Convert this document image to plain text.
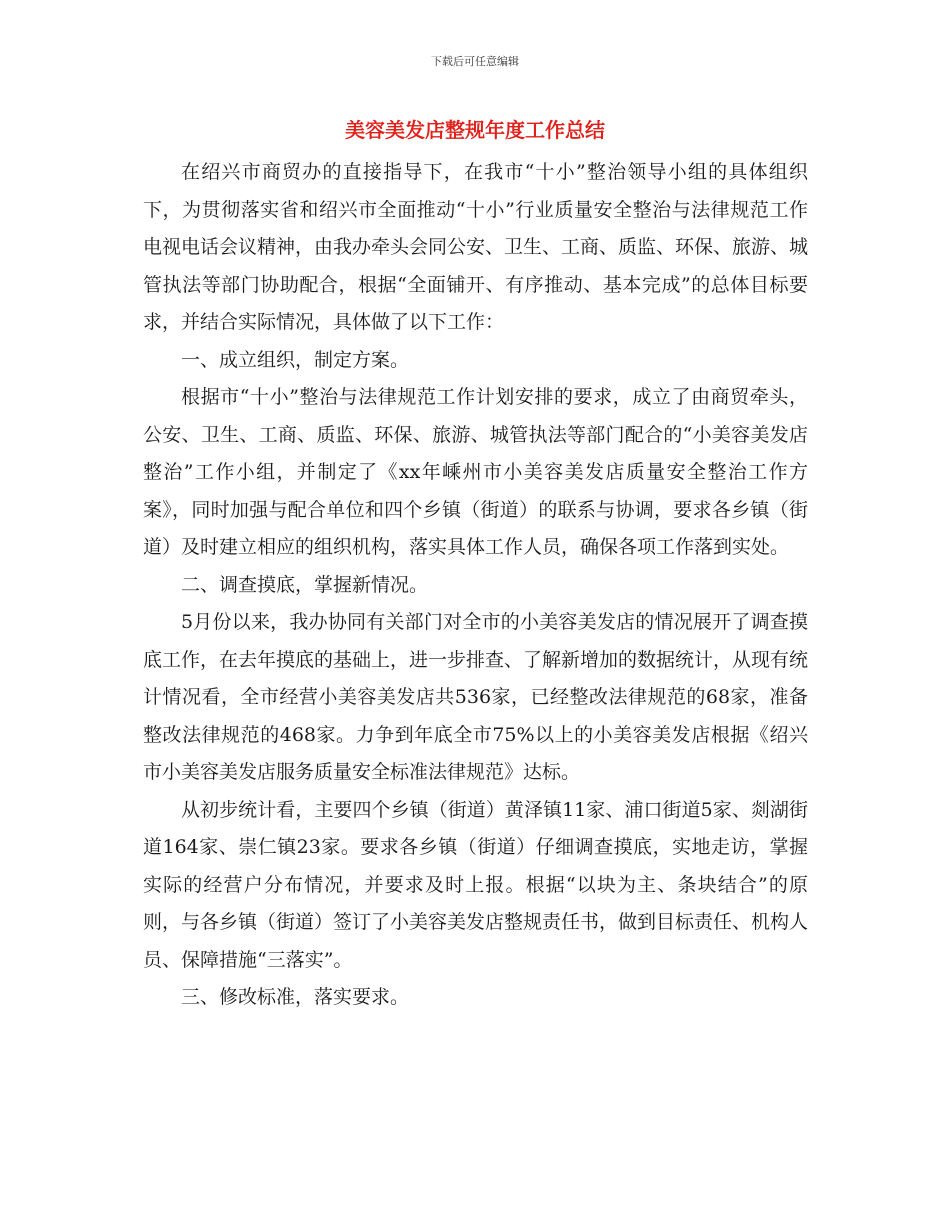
下载后可任意编辑
美容美发店整规年度工作总结

在绍兴市商贸办的直接指导下，在我市“十小”整治领导小组的具体组织下，为贯彻落实省和绍兴市全面推动“十小”行业质量安全整治与法律规范工作电视电话会议精神，由我办牵头会同公安、卫生、工商、质监、环保、旅游、城管执法等部门协助配合，根据“全面铺开、有序推动、基本完成”的总体目标要求，并结合实际情况，具体做了以下工作：

一、成立组织，制定方案。

根据市“十小”整治与法律规范工作计划安排的要求，成立了由商贸牵头，公安、卫生、工商、质监、环保、旅游、城管执法等部门配合的“小美容美发店整治”工作小组，并制定了《xx年嵊州市小美容美发店质量安全整治工作方案》，同时加强与配合单位和四个乡镇（街道）的联系与协调，要求各乡镇（街道）及时建立相应的组织机构，落实具体工作人员，确保各项工作落到实处。

二、调查摸底，掌握新情况。

5月份以来，我办协同有关部门对全市的小美容美发店的情况展开了调查摸底工作，在去年摸底的基础上，进一步排查、了解新增加的数据统计，从现有统计情况看，全市经营小美容美发店共536家，已经整改法律规范的68家，准备整改法律规范的468家。力争到年底全市75%以上的小美容美发店根据《绍兴市小美容美发店服务质量安全标准法律规范》达标。

从初步统计看，主要四个乡镇（街道）黄泽镇11家、浦口街道5家、剡湖街道164家、崇仁镇23家。要求各乡镇（街道）仔细调查摸底，实地走访，掌握实际的经营户分布情况，并要求及时上报。根据“以块为主、条块结合”的原则，与各乡镇（街道）签订了小美容美发店整规责任书，做到目标责任、机构人员、保障措施“三落实”。

三、修改标准，落实要求。
